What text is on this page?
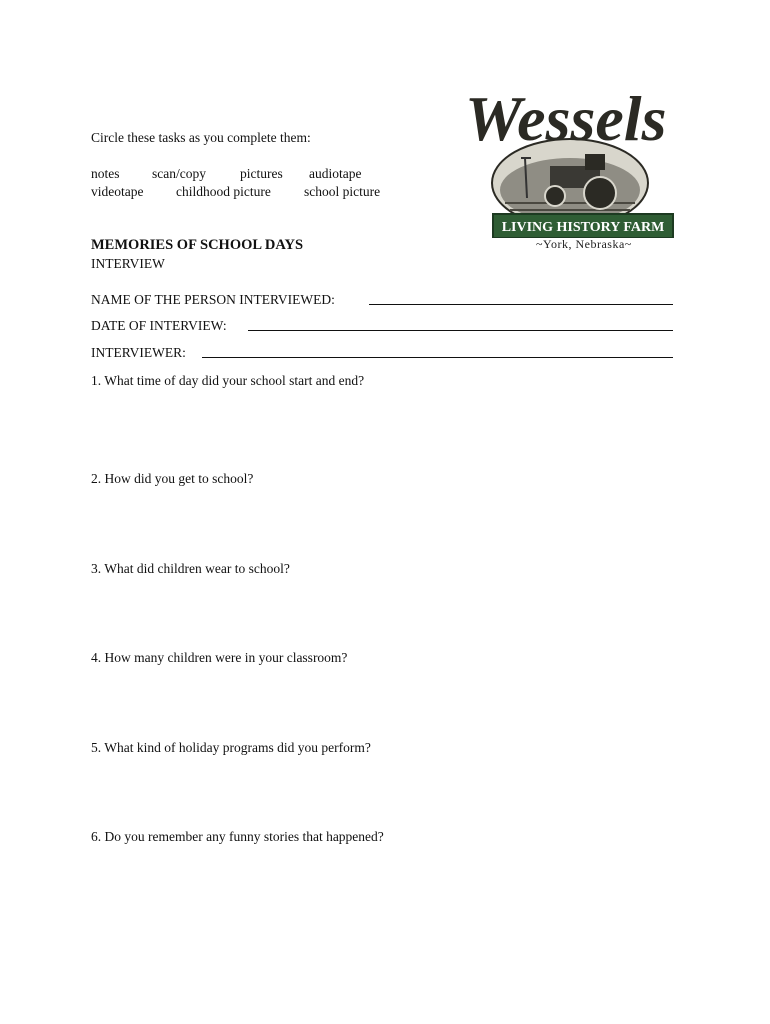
Circle these tasks as you complete them:
notes scan/copy	pictures audiotape
videotape childhood picture school picture
Wessels
LIVING HISTORY FARM
~York, Nebraska~
MEMORIES OF SCHOOL DAYS
INTERVIEW
NAME OF THE PERSON INTERVIEWED:
DATE OF INTERVIEW:
INTERVIEWER:
1. What time of day did your school start and end?
2. How did you get to school?
3. What did children wear to school?
4. How many children were in your classroom?
5. What kind of holiday programs did you perform?
6. Do you remember any funny stories that happened?
